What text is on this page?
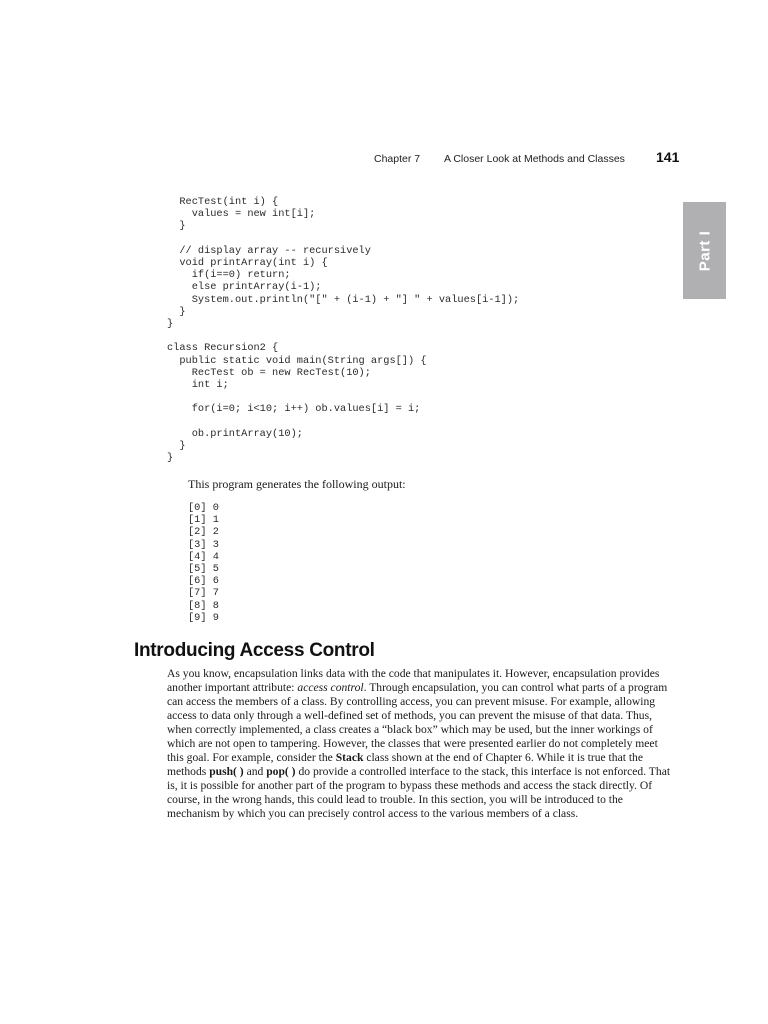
Chapter 7 A Closer Look at Methods and Classes 141
Part I
RecTest(int i) {
values = new int[i];
}

// display array -- recursively
void printArray(int i) {
if(i==0) return;
else printArray(i-1);
System.out.println("[" + (i-1) + "] " + values[i-1]);
}
}

class Recursion2 {
public static void main(String args[]) {
RecTest ob = new RecTest(10);
int i;

for(i=0; i<10; i++) ob.values[i] = i;

ob.printArray(10);
}
}
This program generates the following output:
[0] 0
[1] 1
[2] 2
[3] 3
[4] 4
[5] 5
[6] 6
[7] 7
[8] 8
[9] 9
Introducing Access Control

As you know, encapsulation links data with the code that manipulates it. However, encapsulation provides another important attribute: access control. Through encapsulation, you can control what parts of a program can access the members of a class. By controlling access, you can prevent misuse. For example, allowing access to data only through a well-defined set of methods, you can prevent the misuse of that data. Thus, when correctly implemented, a class creates a “black box” which may be used, but the inner workings of which are not open to tampering. However, the classes that were presented earlier do not completely meet this goal. For example, consider the Stack class shown at the end of Chapter 6. While it is true that the methods push( ) and pop( ) do provide a controlled interface to the stack, this interface is not enforced. That is, it is possible for another part of the program to bypass these methods and access the stack directly. Of course, in the wrong hands, this could lead to trouble. In this section, you will be introduced to the mechanism by which you can precisely control access to the various members of a class.
